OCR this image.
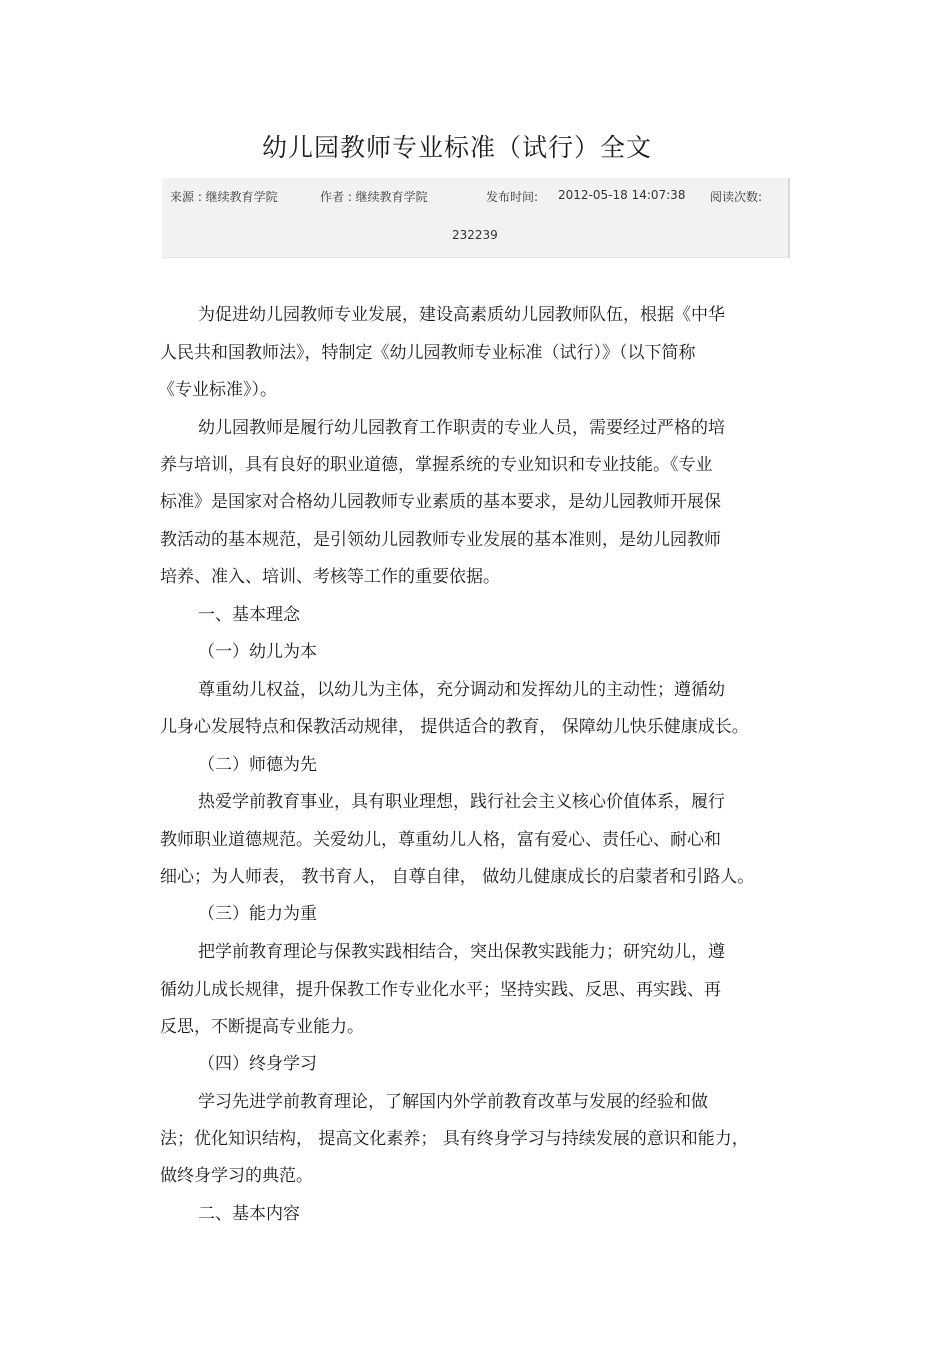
幼儿园教师专业标准（试行）全文
来源 : 继续教育学院	作者 : 继续教育学院	发布时间: 2012-05-18 14:07:38 阅读次数:
232239
为促进幼儿园教师专业发展，建设高素质幼儿园教师队伍，根据《中华
人民共和国教师法》，特制定《幼儿园教师专业标准（试行）》（以下简称
《专业标准》）。
幼儿园教师是履行幼儿园教育工作职责的专业人员，需要经过严格的培
养与培训，具有良好的职业道德，掌握系统的专业知识和专业技能。《专业
标准》是国家对合格幼儿园教师专业素质的基本要求，是幼儿园教师开展保
教活动的基本规范，是引领幼儿园教师专业发展的基本准则，是幼儿园教师
培养、准入、培训、考核等工作的重要依据。
一、基本理念
（一）幼儿为本
尊重幼儿权益，以幼儿为主体，充分调动和发挥幼儿的主动性；遵循幼
儿身心发展特点和保教活动规律， 提供适合的教育， 保障幼儿快乐健康成长。
（二）师德为先
热爱学前教育事业，具有职业理想，践行社会主义核心价值体系，履行
教师职业道德规范。关爱幼儿，尊重幼儿人格，富有爱心、责任心、耐心和
细心；为人师表， 教书育人， 自尊自律， 做幼儿健康成长的启蒙者和引路人。
（三）能力为重
把学前教育理论与保教实践相结合，突出保教实践能力；研究幼儿，遵
循幼儿成长规律，提升保教工作专业化水平；坚持实践、反思、再实践、再
反思，不断提高专业能力。
（四）终身学习
学习先进学前教育理论，了解国内外学前教育改革与发展的经验和做
法；优化知识结构， 提高文化素养； 具有终身学习与持续发展的意识和能力，
做终身学习的典范。
二、基本内容
